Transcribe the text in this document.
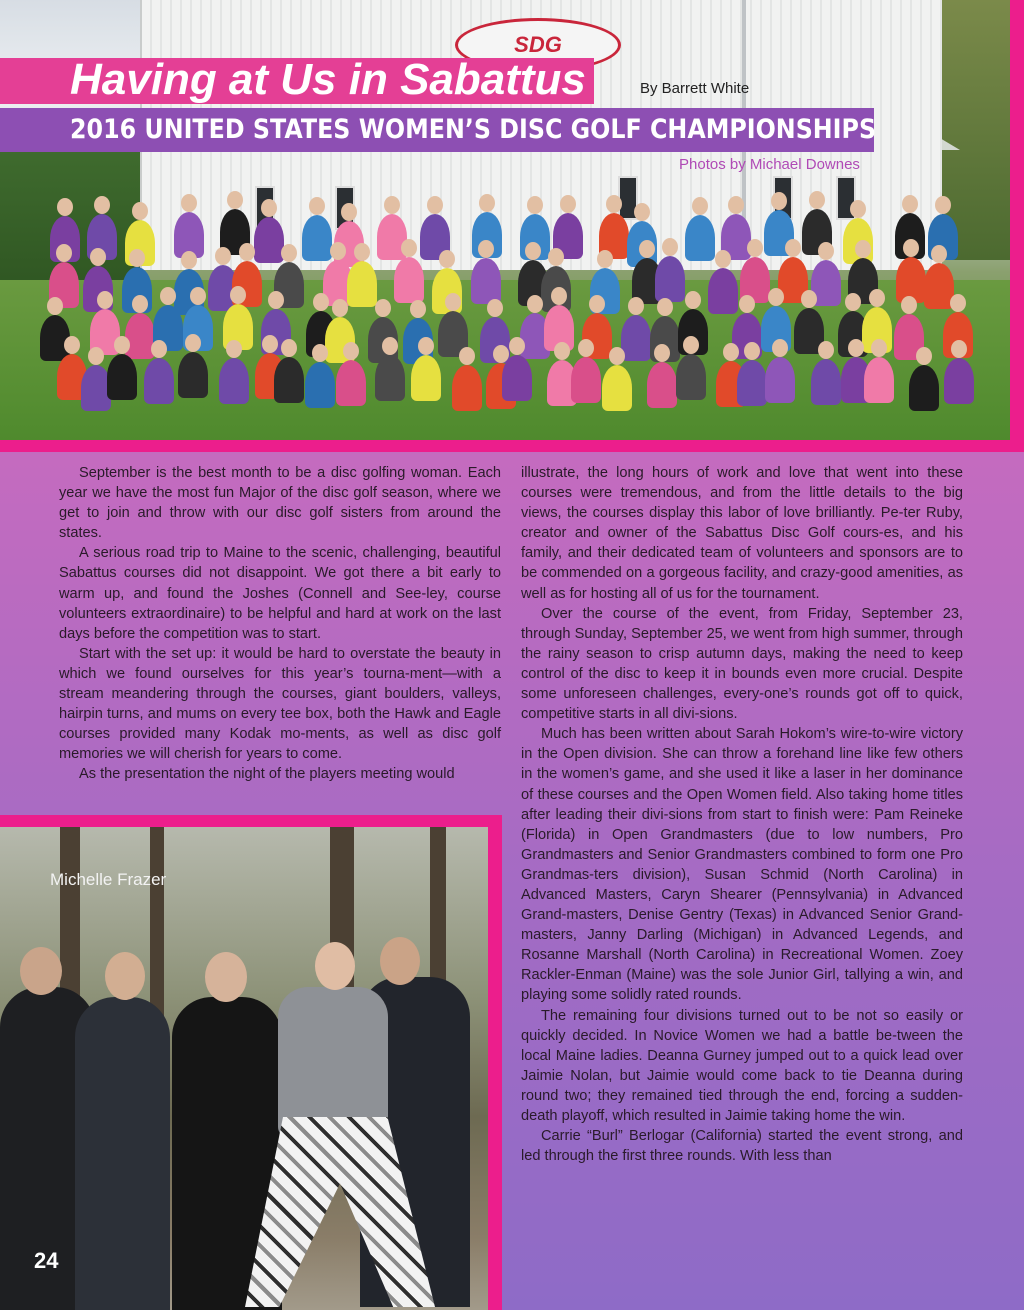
SDG
Having at Us in Sabattus	By Barrett White
2016 UNITED STATES WOMEN’S DISC GOLF CHAMPIONSHIPS
Photos by Michael Downes

September is the best month to be a disc golfing woman. Each year we have the most fun Major of the disc golf season, where we get to join and throw with our disc golf sisters from around the states.

A serious road trip to Maine to the scenic, challenging, beautiful Sabattus courses did not disappoint. We got there a bit early to warm up, and found the Joshes (Connell and See-ley, course volunteers extraordinaire) to be helpful and hard at work on the last days before the competition was to start.

Start with the set up: it would be hard to overstate the beauty in which we found ourselves for this year’s tourna-ment—with a stream meandering through the courses, giant boulders, valleys, hairpin turns, and mums on every tee box, both the Hawk and Eagle courses provided many Kodak mo-ments, as well as disc golf memories we will cherish for years to come.

As the presentation the night of the players meeting would

illustrate, the long hours of work and love that went into these courses were tremendous, and from the little details to the big views, the courses display this labor of love brilliantly. Pe-ter Ruby, creator and owner of the Sabattus Disc Golf cours-es, and his family, and their dedicated team of volunteers and sponsors are to be commended on a gorgeous facility, and crazy-good amenities, as well as for hosting all of us for the tournament.

Over the course of the event, from Friday, September 23, through Sunday, September 25, we went from high summer, through the rainy season to crisp autumn days, making the need to keep control of the disc to keep it in bounds even more crucial. Despite some unforeseen challenges, every-one’s rounds got off to quick, competitive starts in all divi-sions.

Much has been written about Sarah Hokom’s wire-to-wire victory in the Open division. She can throw a forehand line like few others in the women’s game, and she used it like a laser in her dominance of these courses and the Open Women field. Also taking home titles after leading their divi-sions from start to finish were: Pam Reineke (Florida) in Open Grandmasters (due to low numbers, Pro Grandmasters and Senior Grandmasters combined to form one Pro Grandmas-ters division), Susan Schmid (North Carolina) in Advanced Masters, Caryn Shearer (Pennsylvania) in Advanced Grand-masters, Denise Gentry (Texas) in Advanced Senior Grand-masters, Janny Darling (Michigan) in Advanced Legends, and Rosanne Marshall (North Carolina) in Recreational Women. Zoey Rackler-Enman (Maine) was the sole Junior Girl, tallying a win, and playing some solidly rated rounds.

The remaining four divisions turned out to be not so easily or quickly decided. In Novice Women we had a battle be-tween the local Maine ladies. Deanna Gurney jumped out to a quick lead over Jaimie Nolan, but Jaimie would come back to tie Deanna during round two; they remained tied through the end, forcing a sudden-death playoff, which resulted in Jaimie taking home the win.

Carrie “Burl” Berlogar (California) started the event strong, and led through the first three rounds. With less than

Michelle Frazer
24
